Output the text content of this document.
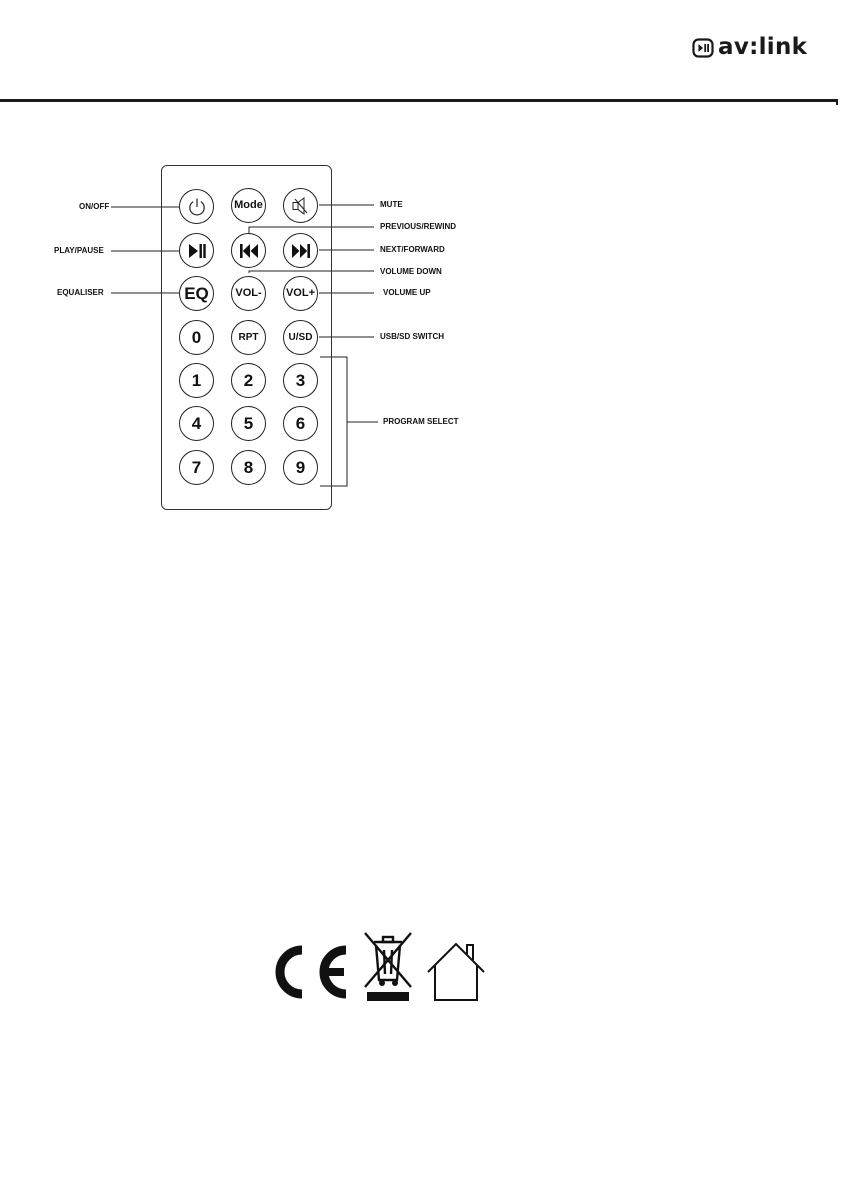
av:link
Mode
EQ	VOL-	VOL+
0	RPT	U/SD
1	2	3
4	5	6
7	8	9
ON/OFF
PLAY/PAUSE
EQUALISER
MUTE
PREVIOUS/REWIND
NEXT/FORWARD
VOLUME DOWN
VOLUME UP
USB/SD SWITCH
PROGRAM SELECT
